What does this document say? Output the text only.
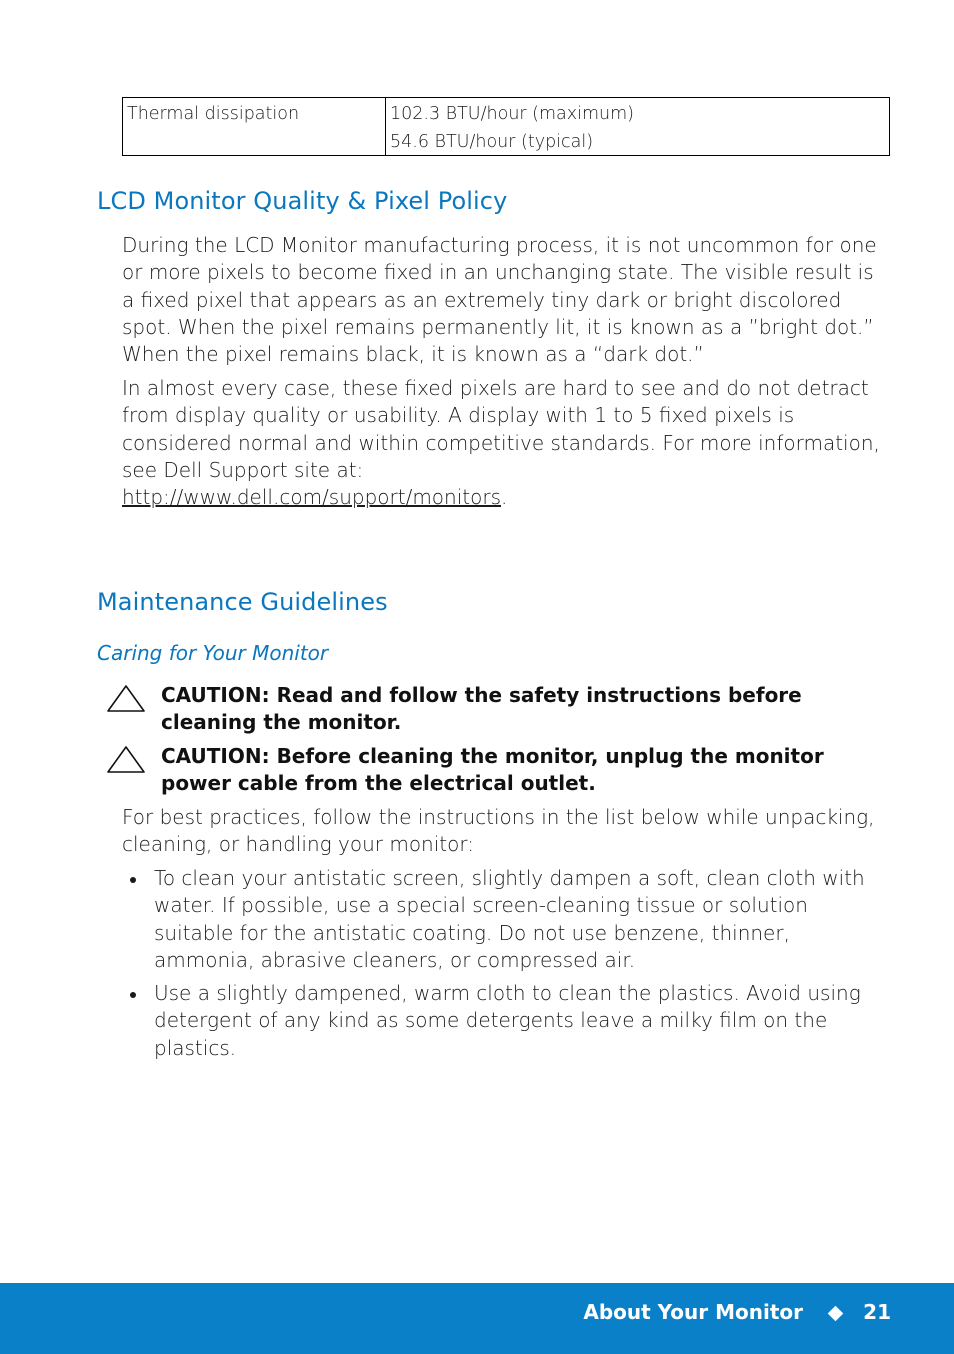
Thermal dissipation	102.3 BTU/hour (maximum)
54.6 BTU/hour (typical)
LCD Monitor Quality & Pixel Policy

During the LCD Monitor manufacturing process, it is not uncommon for one or more pixels to become fixed in an unchanging state. The visible result is a fixed pixel that appears as an extremely tiny dark or bright discolored spot. When the pixel remains permanently lit, it is known as a ”bright dot.” When the pixel remains black, it is known as a “dark dot.”

In almost every case, these fixed pixels are hard to see and do not detract from display quality or usability. A display with 1 to 5 fixed pixels is considered normal and within competitive standards. For more information, see Dell Support site at:
http://www.dell.com/support/monitors.

Maintenance Guidelines
Caring for Your Monitor

CAUTION: Read and follow the safety instructions before cleaning the monitor.

CAUTION: Before cleaning the monitor, unplug the monitor power cable from the electrical outlet.

For best practices, follow the instructions in the list below while unpacking, cleaning, or handling your monitor:

To clean your antistatic screen, slightly dampen a soft, clean cloth with water. If possible, use a special screen-cleaning tissue or solution suitable for the antistatic coating. Do not use benzene, thinner, ammonia, abrasive cleaners, or compressed air.
Use a slightly dampened, warm cloth to clean the plastics. Avoid using detergent of any kind as some detergents leave a milky film on the plastics.
About Your Monitor	21
